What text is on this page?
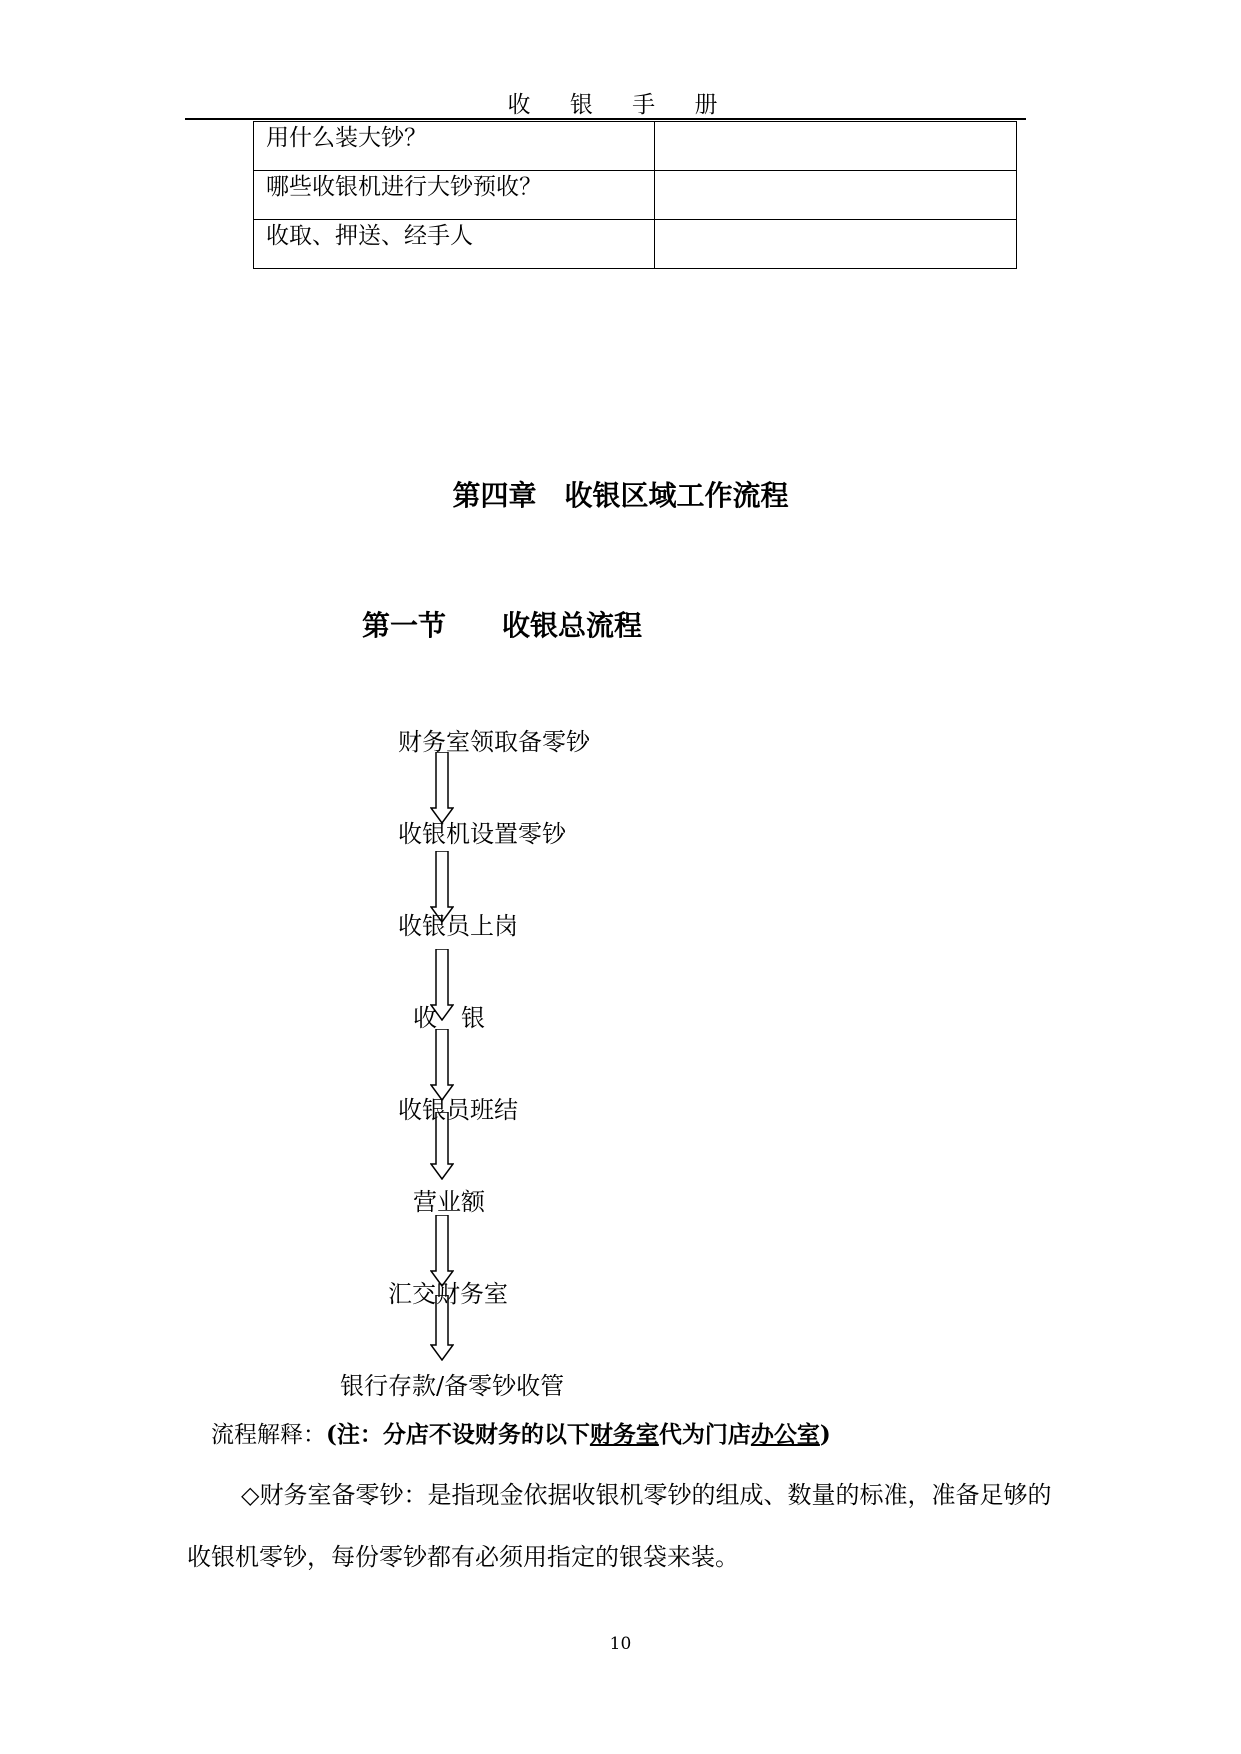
收 银 手 册
用什么装大钞？	
哪些收银机进行大钞预收？	
收取、押送、经手人	
第四章　收银区域工作流程
第一节　　收银总流程
财务室领取备零钞
收银机设置零钞
收银员上岗
收　银
收银员班结
营业额
汇交财务室
银行存款/备零钞收管
流程解释：(注：分店不设财务的以下财务室代为门店办公室)
◇财务室备零钞：是指现金依据收银机零钞的组成、数量的标准，准备足够的收银机零钞，每份零钞都有必须用指定的银袋来装。
10
